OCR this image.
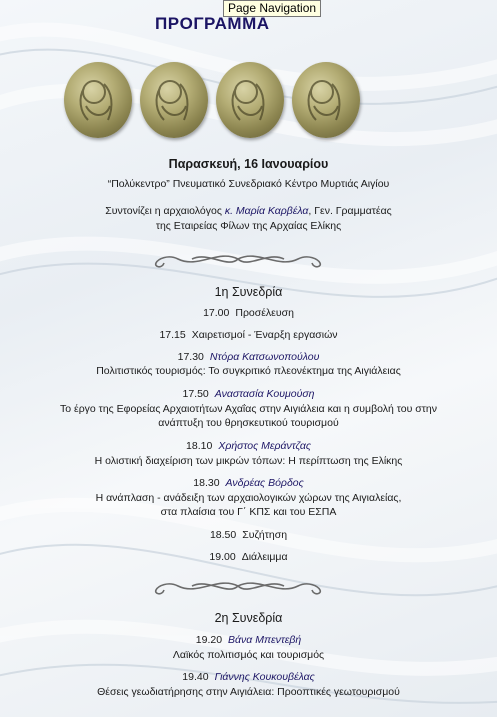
Page Navigation
ΠΡΟΓΡΑΜΜΑ
Παρασκευή, 16 Ιανουαρίου
“Πολύκεντρο” Πνευματικό Συνεδριακό Κέντρο Μυρτιάς Αιγίου
Συντονίζει η αρχαιολόγος κ. Μαρία Καρβέλα, Γεν. Γραμματέας
της Εταιρείας Φίλων της Αρχαίας Ελίκης
1η Συνεδρία
17.00 Προσέλευση
17.15 Χαιρετισμοί - Έναρξη εργασιών
17.30 Ντόρα Κατσωνοπούλου
Πολιτιστικός τουρισμός: Το συγκριτικό πλεονέκτημα της Αιγιάλειας
17.50 Αναστασία Κουμούση
Το έργο της Εφορείας Αρχαιοτήτων Αχαΐας στην Αιγιάλεια και η συμβολή του στην
ανάπτυξη του θρησκευτικού τουρισμού
18.10 Χρήστος Μεράντζας
Η ολιστική διαχείριση των μικρών τόπων: Η περίπτωση της Ελίκης
18.30 Ανδρέας Βόρδος
Η ανάπλαση - ανάδειξη των αρχαιολογικών χώρων της Αιγιαλείας,
στα πλαίσια του Γ΄ ΚΠΣ και του ΕΣΠΑ
18.50 Συζήτηση
19.00 Διάλειμμα
2η Συνεδρία
19.20 Βάνα Μπεντεβή
Λαϊκός πολιτισμός και τουρισμός
19.40 Γιάννης Κουκουβέλας
Θέσεις γεωδιατήρησης στην Αιγιάλεια: Προοπτικές γεωτουρισμού
